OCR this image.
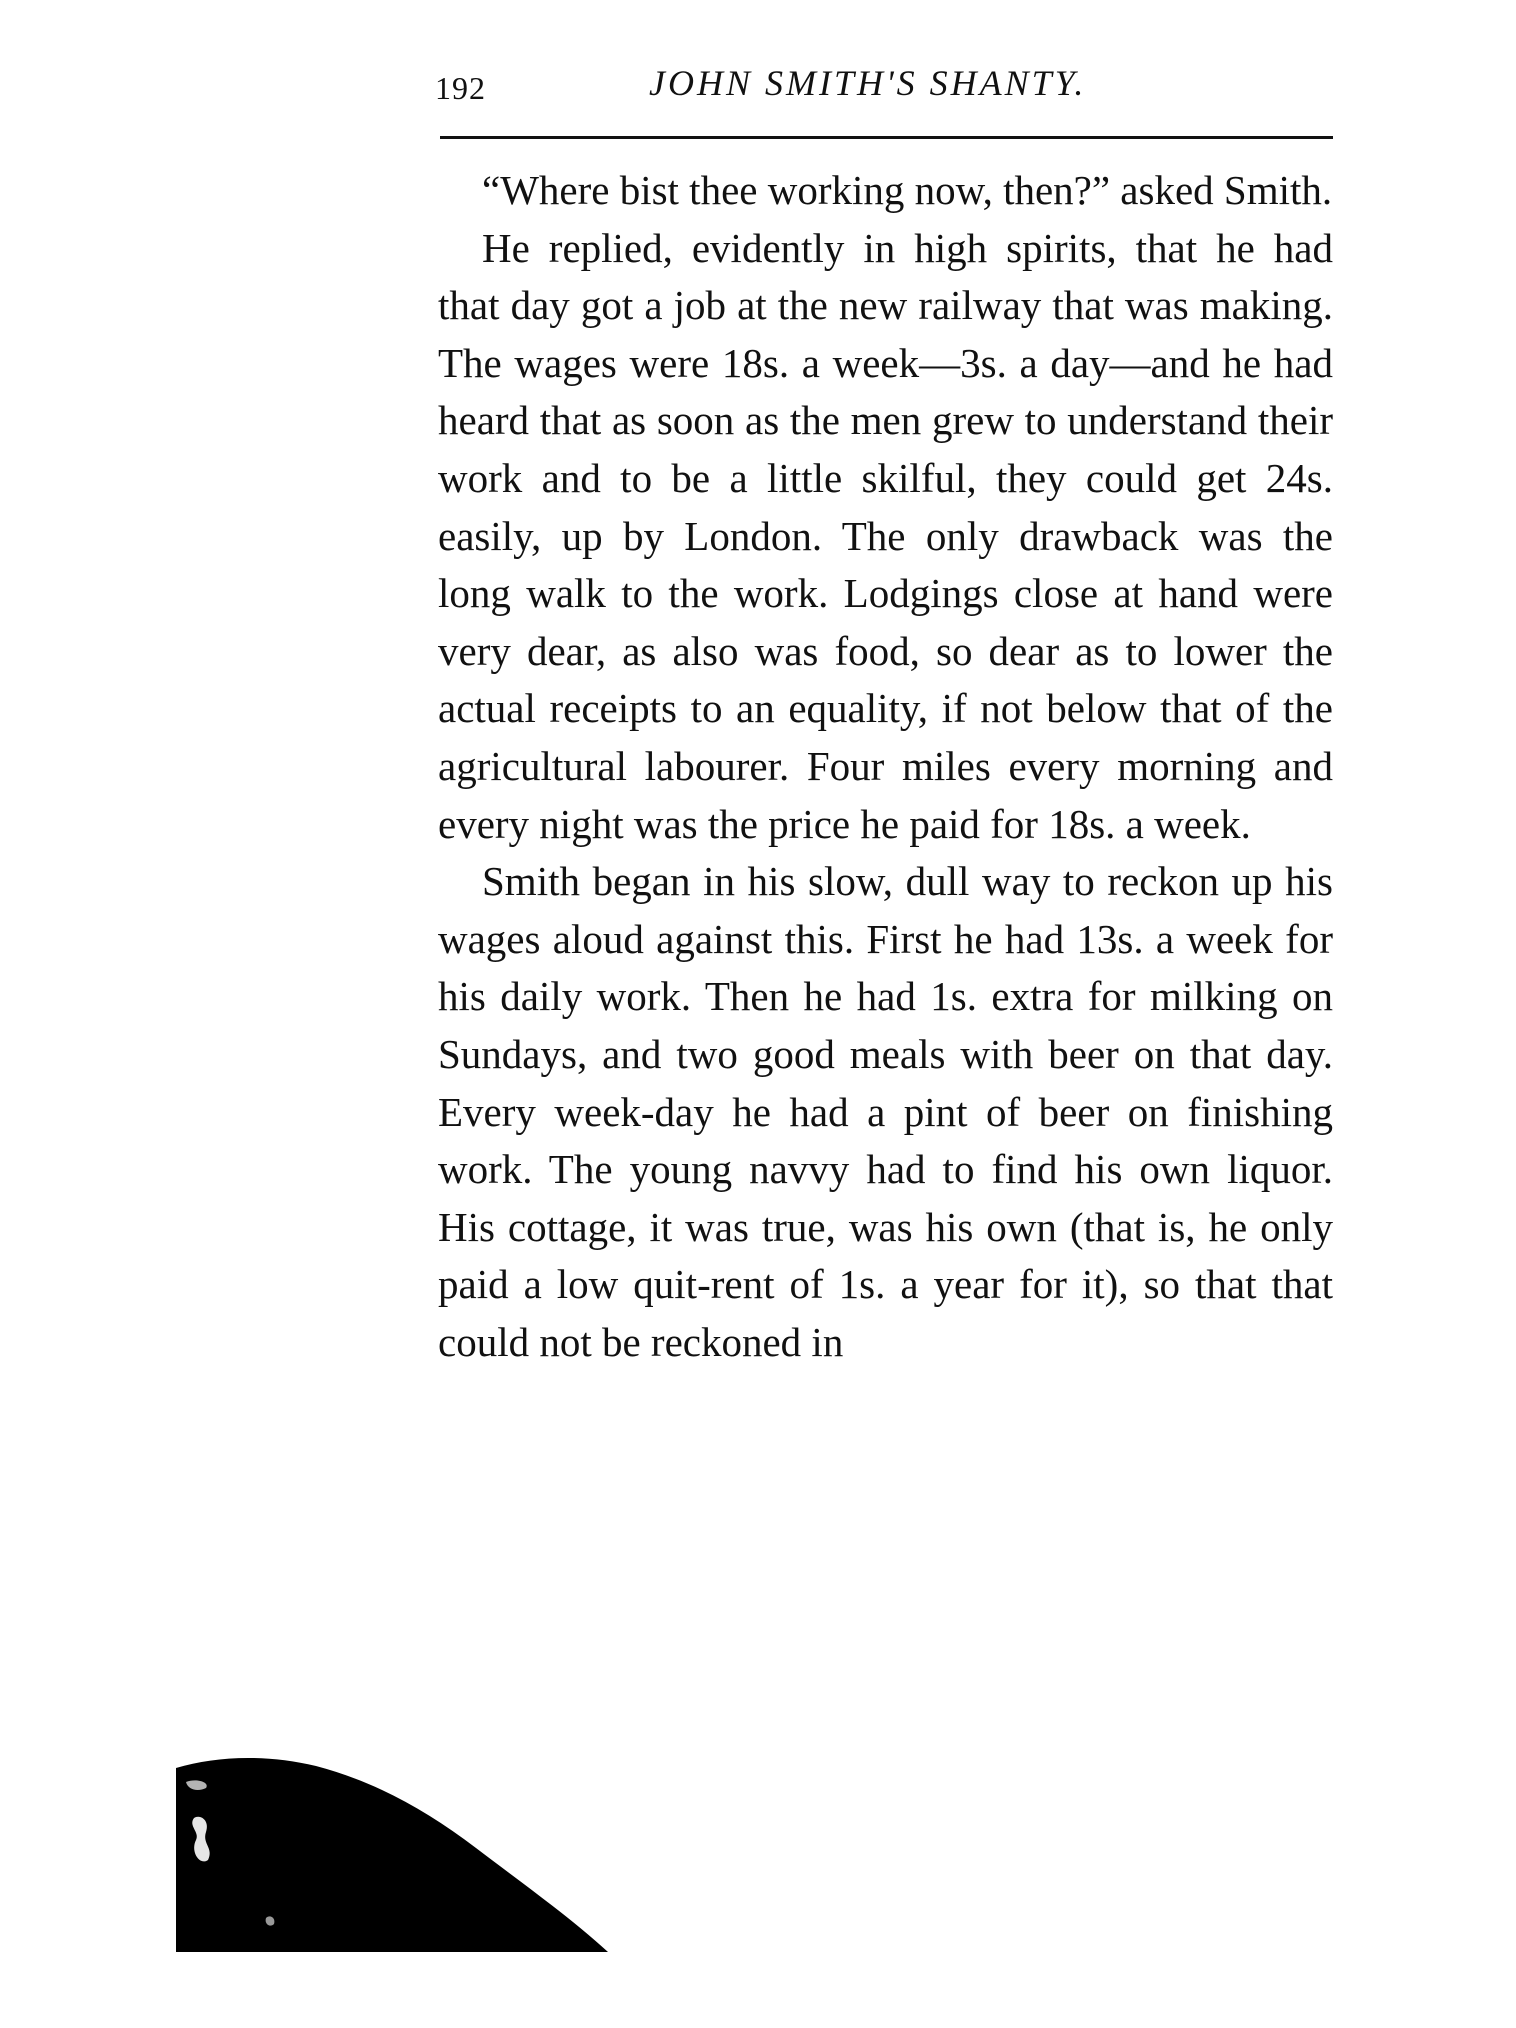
192	JOHN SMITH'S SHANTY.

“Where bist thee working now, then?” asked Smith.

He replied, evidently in high spirits, that he had that day got a job at the new railway that was making. The wages were 18s. a week—3s. a day—and he had heard that as soon as the men grew to understand their work and to be a little skilful, they could get 24s. easily, up by London. The only drawback was the long walk to the work. Lodgings close at hand were very dear, as also was food, so dear as to lower the actual receipts to an equality, if not below that of the agricultural labourer. Four miles every morning and every night was the price he paid for 18s. a week.

Smith began in his slow, dull way to reckon up his wages aloud against this. First he had 13s. a week for his daily work. Then he had 1s. extra for milking on Sundays, and two good meals with beer on that day. Every week-day he had a pint of beer on finishing work. The young navvy had to find his own liquor. His cottage, it was true, was his own (that is, he only paid a low quit-rent of 1s. a year for it), so that that could not be reckoned in
